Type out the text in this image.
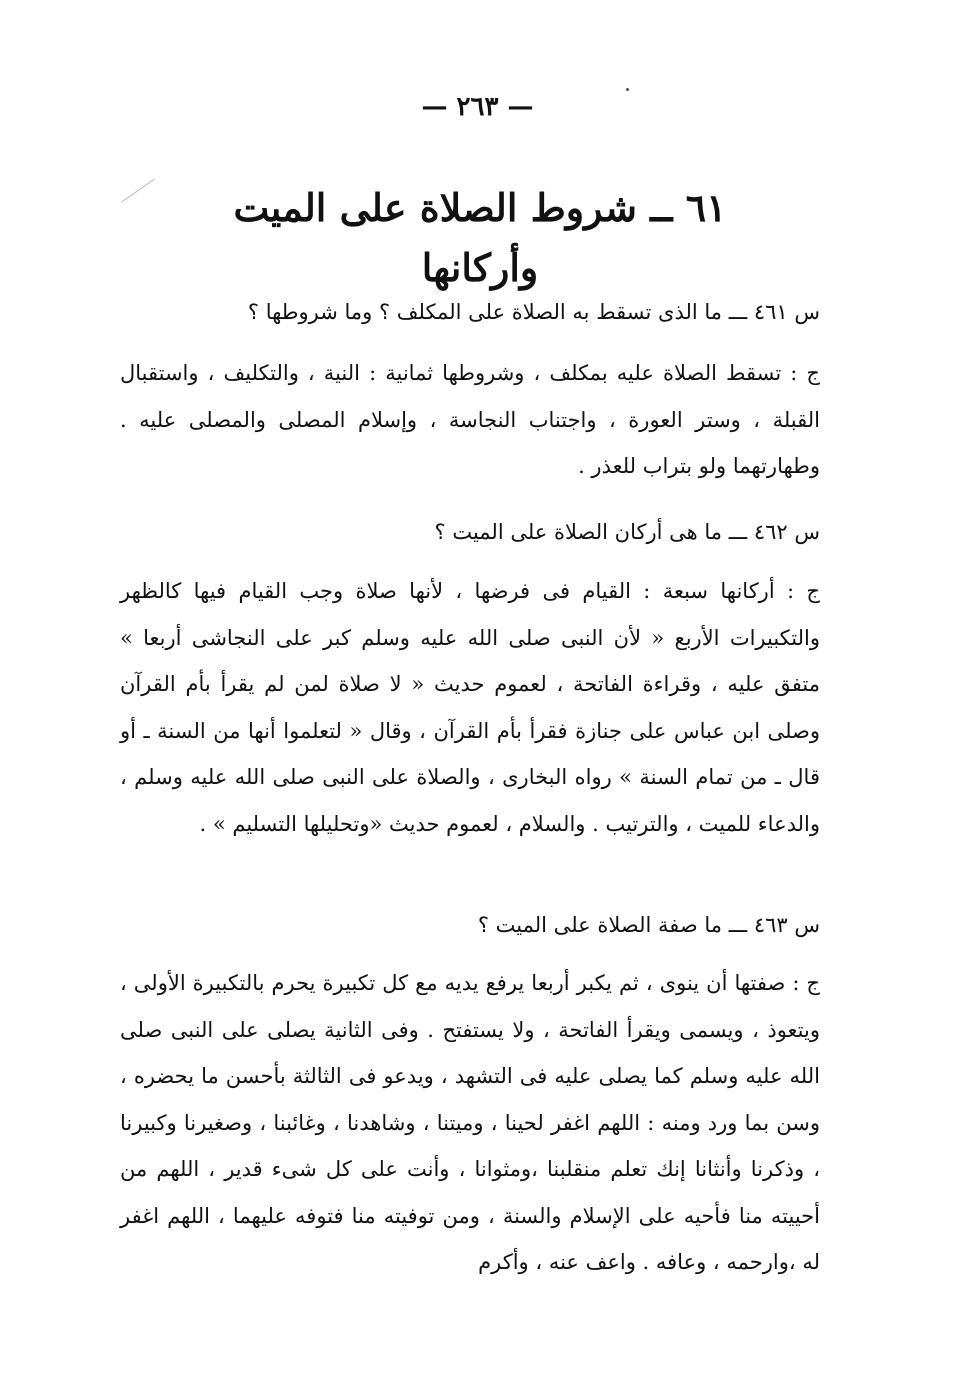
— ٢٦٣ —
٦١ ــ شروط الصلاة على الميت وأركانها
س ٤٦١ ـــ ما الذى تسقط به الصلاة على المكلف ؟ وما شروطها ؟

ج : تسقط الصلاة عليه بمكلف ، وشروطها ثمانية : النية ، والتكليف ، واستقبال القبلة ، وستر العورة ، واجتناب النجاسة ، وإسلام المصلى والمصلى عليه . وطهارتهما ولو بتراب للعذر .

س ٤٦٢ ـــ ما هى أركان الصلاة على الميت ؟

ج : أركانها سبعة : القيام فى فرضها ، لأنها صلاة وجب القيام فيها كالظهر والتكبيرات الأربع « لأن النبى صلى الله عليه وسلم كبر على النجاشى أربعا » متفق عليه ، وقراءة الفاتحة ، لعموم حديث « لا صلاة لمن لم يقرأ بأم القرآن وصلى ابن عباس على جنازة فقرأ بأم القرآن ، وقال « لتعلموا أنها من السنة ـ أو قال ـ من تمام السنة » رواه البخارى ، والصلاة على النبى صلى الله عليه وسلم ، والدعاء للميت ، والترتيب . والسلام ، لعموم حديث «وتحليلها التسليم » .

س ٤٦٣ ـــ ما صفة الصلاة على الميت ؟

ج : صفتها أن ينوى ، ثم يكبر أربعا يرفع يديه مع كل تكبيرة يحرم بالتكبيرة الأولى ، ويتعوذ ، ويسمى ويقرأ الفاتحة ، ولا يستفتح . وفى الثانية يصلى على النبى صلى الله عليه وسلم كما يصلى عليه فى التشهد ، ويدعو فى الثالثة بأحسن ما يحضره ، وسن بما ورد ومنه : اللهم اغفر لحينا ، وميتنا ، وشاهدنا ، وغائبنا ، وصغيرنا وكبيرنا ، وذكرنا وأنثانا إنك تعلم منقلبنا ،ومثوانا ، وأنت على كل شىء قدير ، اللهم من أحييته منا فأحيه على الإسلام والسنة ، ومن توفيته منا فتوفه عليهما ، اللهم اغفر له ،وارحمه ، وعافه . واعف عنه ، وأكرم
